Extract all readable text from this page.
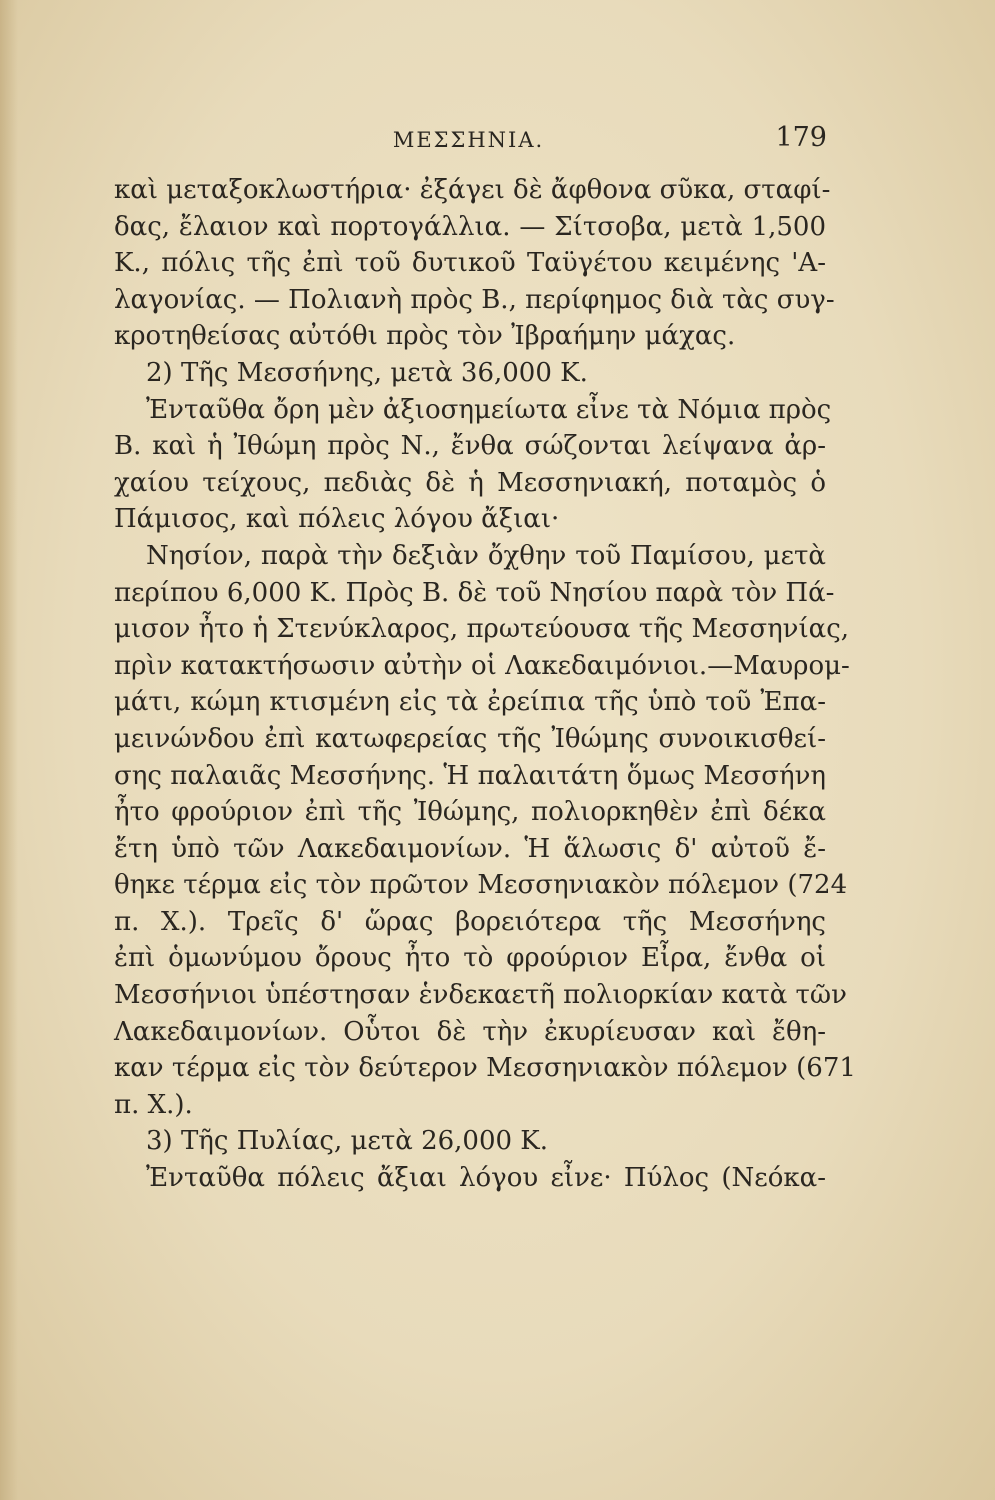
ΜΕΣΣΗΝΙΑ.	179
καὶ μεταξοκλωστήρια· ἐξάγει δὲ ἄφθονα σῦκα, σταφί-
δας, ἔλαιον καὶ πορτογάλλια. — Σίτσοβα, μετὰ 1,500
Κ., πόλις τῆς ἐπὶ τοῦ δυτικοῦ Ταϋγέτου κειμένης 'Α-
λαγονίας. — Πολιανὴ πρὸς Β., περίφημος διὰ τὰς συγ-
κροτηθείσας αὐτόθι πρὸς τὸν Ἰβραήμην μάχας.
2) Τῆς Μεσσήνης, μετὰ 36,000 Κ.
Ἐνταῦθα ὄρη μὲν ἀξιοσημείωτα εἶνε τὰ Νόμια πρὸς
Β. καὶ ἡ Ἰθώμη πρὸς Ν., ἔνθα σώζονται λείψανα ἀρ-
χαίου τείχους, πεδιὰς δὲ ἡ Μεσσηνιακή, ποταμὸς ὁ
Πάμισος, καὶ πόλεις λόγου ἄξιαι·
Νησίον, παρὰ τὴν δεξιὰν ὄχθην τοῦ Παμίσου, μετὰ
περίπου 6,000 Κ. Πρὸς Β. δὲ τοῦ Νησίου παρὰ τὸν Πά-
μισον ἦτο ἡ Στενύκλαρος, πρωτεύουσα τῆς Μεσσηνίας,
πρὶν κατακτήσωσιν αὐτὴν οἱ Λακεδαιμόνιοι.—Μαυρομ-
μάτι, κώμη κτισμένη εἰς τὰ ἐρείπια τῆς ὑπὸ τοῦ Ἐπα-
μεινώνδου ἐπὶ κατωφερείας τῆς Ἰθώμης συνοικισθεί-
σης παλαιᾶς Μεσσήνης. Ἡ παλαιτάτη ὅμως Μεσσήνη
ἦτο φρούριον ἐπὶ τῆς Ἰθώμης, πολιορκηθὲν ἐπὶ δέκα
ἔτη ὑπὸ τῶν Λακεδαιμονίων. Ἡ ἅλωσις δ' αὐτοῦ ἔ-
θηκε τέρμα εἰς τὸν πρῶτον Μεσσηνιακὸν πόλεμον (724
π. Χ.). Τρεῖς δ' ὥρας βορειότερα τῆς Μεσσήνης
ἐπὶ ὁμωνύμου ὄρους ἦτο τὸ φρούριον Εἶρα, ἔνθα οἱ
Μεσσήνιοι ὑπέστησαν ἑνδεκαετῆ πολιορκίαν κατὰ τῶν
Λακεδαιμονίων. Οὗτοι δὲ τὴν ἐκυρίευσαν καὶ ἔθη-
καν τέρμα εἰς τὸν δεύτερον Μεσσηνιακὸν πόλεμον (671
π. Χ.).
3) Τῆς Πυλίας, μετὰ 26,000 Κ.
Ἐνταῦθα πόλεις ἄξιαι λόγου εἶνε· Πύλος (Νεόκα-
